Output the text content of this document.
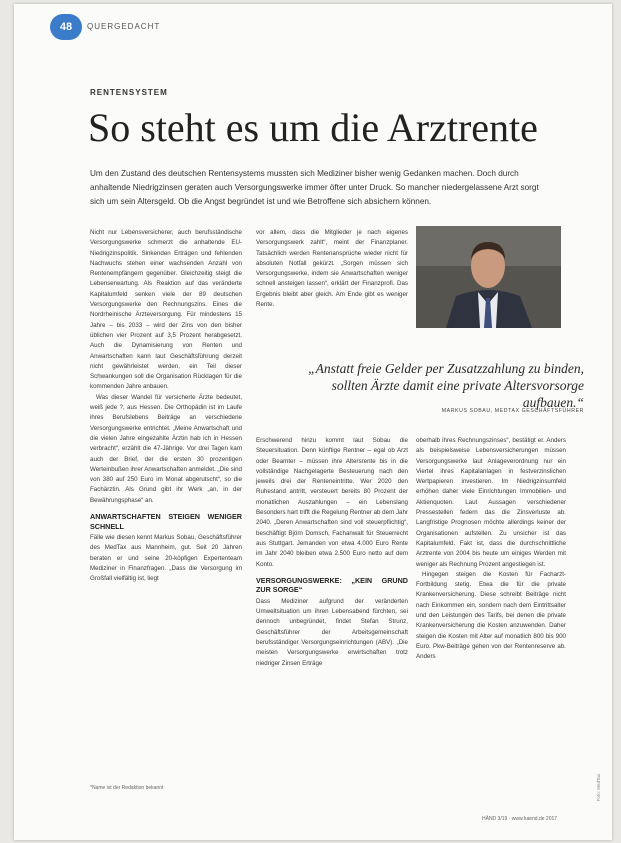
48	QUERGEDACHT
RENTENSYSTEM
So steht es um die Arztrente

Um den Zustand des deutschen Rentensystems mussten sich Mediziner bisher wenig Gedanken machen. Doch durch anhaltende Niedrigzinsen geraten auch Versorgungswerke immer öfter unter Druck. So mancher niedergelassene Arzt sorgt sich um sein Altersgeld. Ob die Angst begründet ist und wie Betroffene sich absichern können.

Nicht nur Lebensversicherer, auch berufsständische Versorgungswerke schmerzt die anhaltende EU-Niedrigzinspolitik. Sinkenden Erträgen und fehlenden Nachwuchs stehen einer wachsenden Anzahl von Rentenempfängern gegenüber. Gleichzeitig steigt die Lebenserwartung. Als Reaktion auf das veränderte Kapitalumfeld senken viele der 89 deutschen Versorgungswerke den Rechnungszins. Eines die Nordrheinische Ärzteversorgung. Für mindestens 15 Jahre – bis 2033 – wird der Zins von den bisher üblichen vier Prozent auf 3,5 Prozent herabgesetzt. Auch die Dynamisierung von Renten und Anwartschaften kann laut Geschäftsführung derzeit nicht gewährleistet werden, ein Teil dieser Schwankungen soll die Organisation Rücklagen für die kommenden Jahre anbauen.

Was dieser Wandel für versicherte Ärzte bedeutet, weiß jede ?, aus Hessen. Die Orthopädin ist im Laufe ihres Berufslebens Beiträge an verschiedene Versorgungswerke entrichtet. „Meine Anwartschaft und die vielen Jahre eingezahlte Ärztin hab ich in Hessen verbracht“, erzählt die 47-Jährige. Vor drei Tagen kam auch der Brief, der die ersten 30 prozentigen Werteinbußen ihrer Anwartschaften anmeldet. „Die sind von 380 auf 250 Euro im Monat abgerutscht“, so die Fachärztin. Als Grund gibt ihr Werk „an, in der Bewährungsphase“ an.

ANWARTSCHAFTEN STEIGEN WENIGER SCHNELL

Fälle wie diesen kennt Markus Sobau, Geschäftsführer des MedTax aus Mannheim, gut. Seit 20 Jahren beraten er und seine 20-köpfigen Expertenteam Mediziner in Finanzfragen. „Dass die Versorgung im Großfall vielfältig ist, liegt

vor allem, dass die Mitglieder je nach eigenes Versorgungswerk zahlt“, meint der Finanzplaner. Tatsächlich werden Rentenansprüche wieder nicht für absoluten Notfall gekürzt. „Sorgen müssen sich Versorgungswerke, indem sie Anwartschaften weniger schnell ansteigen lassen“, erklärt der Finanzprofi. Das Ergebnis bleibt aber gleich. Am Ende gibt es weniger Rente.

„Anstatt freie Gelder per Zusatzzahlung zu binden, sollten Ärzte damit eine private Altersvorsorge aufbauen.“

MARKUS SOBAU, MEDTAX GESCHÄFTSFÜHRER

Erschwerend hinzu kommt laut Sobau die Steuersituation. Denn künftige Rentner – egal ob Arzt oder Beamter – müssen ihre Altersrente bis in die vollständige Nachgelagerte Besteuerung nach den jeweils drei der Renteneintritte. Wer 2020 den Ruhestand antritt, versteuert bereits 80 Prozent der monatlichen Auszahlungen – ein Lebenslang Besonders hart trifft die Regelung Rentner ab dem Jahr 2040. „Deren Anwartschaften sind voll steuerpflichtig“, beschäftigt Björn Domsch, Fachanwalt für Steuerrecht aus Stuttgart. Jemanden von etwa 4.000 Euro Rente im Jahr 2040 bleiben etwa 2.500 Euro netto auf dem Konto.

VERSORGUNGSWERKE: „KEIN GRUND ZUR SORGE“

Dass Mediziner aufgrund der veränderten Umweltsituation um ihren Lebensabend fürchten, sei dennoch unbegründet, findet Stefan Strunz, Geschäftsführer der Arbeitsgemeinschaft berufsständiger Versorgungseinrichtungen (ABV). „Die meisten Versorgungswerke erwirtschaften trotz niedriger Zinsen Erträge

oberhalb ihres Rechnungszinses“, bestätigt er. Anders als beispielsweise Lebensversicherungen müssen Versorgungswerke laut Anlageverordnung nur ein Viertel ihres Kapitalanlagen in festverzinslichen Wertpapieren investieren. Im Niedrigzinsumfeld erhöhen daher viele Einrichtungen Immobilien- und Aktienquoten. Laut Aussagen verschiedener Pressestellen federn das die Zinsverluste ab. Langfristige Prognosen möchte allerdings keiner der Organisationen aufstellen. Zu unsicher ist das Kapitalumfeld. Fakt ist, dass die durchschnittliche Arztrente von 2004 bis heute um einiges Werden mit weniger als Rechnung Prozent angestiegen ist.

Hingegen steigen die Kosten für Facharzt-Fortbildung stetig. Etwa die für die private Krankenversicherung. Diese schreibt Beiträge nicht nach Einkommen ein, sondern nach dem Eintrittsalter und den Leistungen des Tarifs, bei denen die private Krankenversicherung die Kosten anzuwenden. Daher steigen die Kosten mit Alter auf monatlich 800 bis 900 Euro. Pkw-Beiträge gehen von der Rentenreserve ab. Anders

*Name ist der Redaktion bekannt
HÄND 3/19 · www.haend.de 2017
Foto: MedTax
